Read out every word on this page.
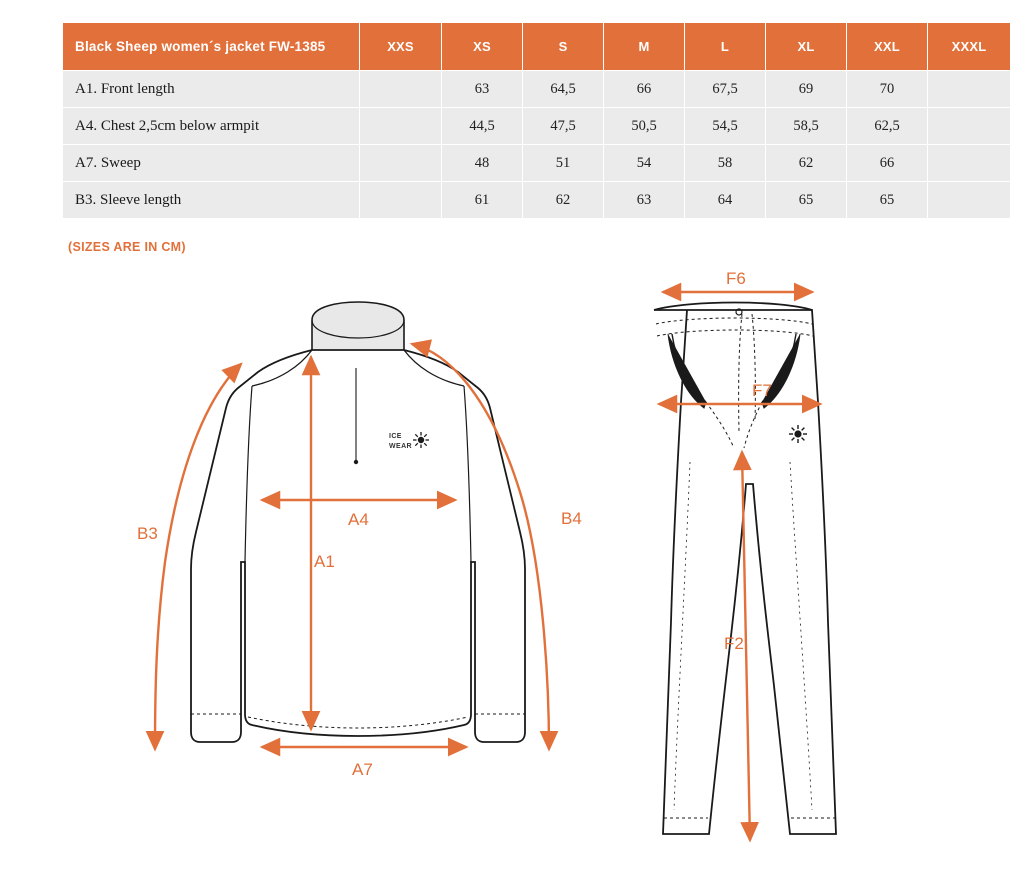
Black Sheep women´s jacket FW-1385	XXS	XS	S	M	L	XL	XXL	XXXL
A1. Front length		63	64,5	66	67,5	69	70	
A4. Chest 2,5cm below armpit		44,5	47,5	50,5	54,5	58,5	62,5	
A7. Sweep		48	51	54	58	62	66	
B3. Sleeve length		61	62	63	64	65	65	
(SIZES ARE IN CM)
ICE
WEAR
B3
B4
A4
A1
A7
F6
F7
F2
